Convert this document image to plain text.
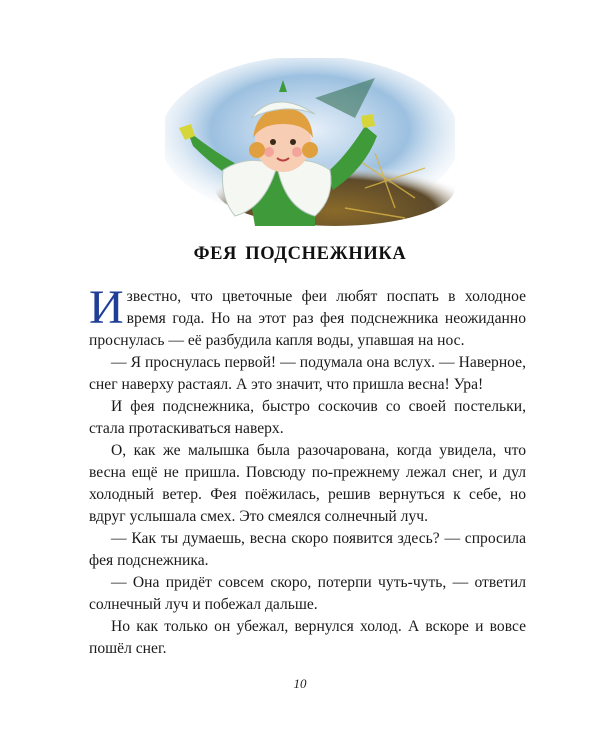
ФЕЯ ПОДСНЕЖНИКА

Известно, что цветочные феи любят поспать в холодное время года. Но на этот раз фея подснежника неожиданно проснулась — её разбудила капля воды, упавшая на нос.

— Я проснулась первой! — подумала она вслух. — Наверное, снег наверху растаял. А это значит, что пришла весна! Ура!

И фея подснежника, быстро соскочив со своей постельки, стала протаскиваться наверх.

О, как же малышка была разочарована, когда увидела, что весна ещё не пришла. Повсюду по-прежнему лежал снег, и дул холодный ветер. Фея поёжилась, решив вернуться к себе, но вдруг услышала смех. Это смеялся солнечный луч.

— Как ты думаешь, весна скоро появится здесь? — спросила фея подснежника.

— Она придёт совсем скоро, потерпи чуть-чуть, — ответил солнечный луч и побежал дальше.

Но как только он убежал, вернулся холод. А вскоре и вовсе пошёл снег.

10
